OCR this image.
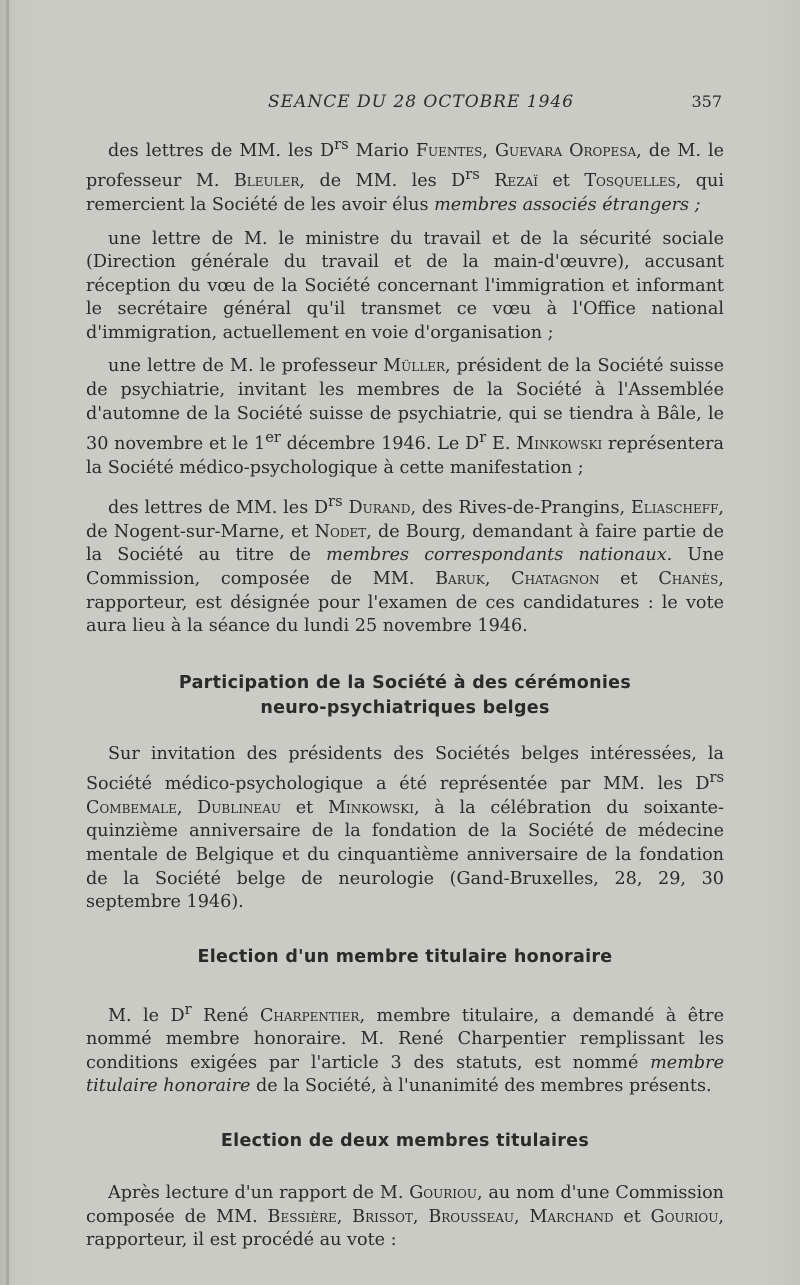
SEANCE DU 28 OCTOBRE 1946	357

des lettres de MM. les $D^{rs}$ Mario Fuentes, Guevara Oropesa, de M. le professeur M. Bleuler, de MM. les $D^{rs}$ Rezaï et Tosquelles, qui remercient la Société de les avoir élus membres associés étrangers ;

une lettre de M. le ministre du travail et de la sécurité sociale (Direction générale du travail et de la main-d'œuvre), accusant réception du vœu de la Société concernant l'immigration et informant le secrétaire général qu'il transmet ce vœu à l'Office national d'immigration, actuellement en voie d'organisation ;

une lettre de M. le professeur Müller, président de la Société suisse de psychiatrie, invitant les membres de la Société à l'Assemblée d'automne de la Société suisse de psychiatrie, qui se tiendra à Bâle, le 30 novembre et le 1er décembre 1946. Le $D^r$ E. Minkowski représentera la Société médico-psychologique à cette manifestation ;

des lettres de MM. les $D^{rs}$ Durand, des Rives-de-Prangins, Eliascheff, de Nogent-sur-Marne, et Nodet, de Bourg, demandant à faire partie de la Société au titre de membres correspondants nationaux. Une Commission, composée de MM. Baruk, Chatagnon et Chanès, rapporteur, est désignée pour l'examen de ces candidatures : le vote aura lieu à la séance du lundi 25 novembre 1946.

Participation de la Société à des cérémonies
neuro-psychiatriques belges

Sur invitation des présidents des Sociétés belges intéressées, la Société médico-psychologique a été représentée par MM. les $D^{rs}$ Combemale, Dublineau et Minkowski, à la célébration du soixante-quinzième anniversaire de la fondation de la Société de médecine mentale de Belgique et du cinquantième anniversaire de la fondation de la Société belge de neurologie (Gand-Bruxelles, 28, 29, 30 septembre 1946).

Election d'un membre titulaire honoraire

M. le $D^r$ René Charpentier, membre titulaire, a demandé à être nommé membre honoraire. M. René Charpentier remplissant les conditions exigées par l'article 3 des statuts, est nommé membre titulaire honoraire de la Société, à l'unanimité des membres présents.

Election de deux membres titulaires

Après lecture d'un rapport de M. Gouriou, au nom d'une Commission composée de MM. Bessière, Brissot, Brousseau, Marchand et Gouriou, rapporteur, il est procédé au vote :
